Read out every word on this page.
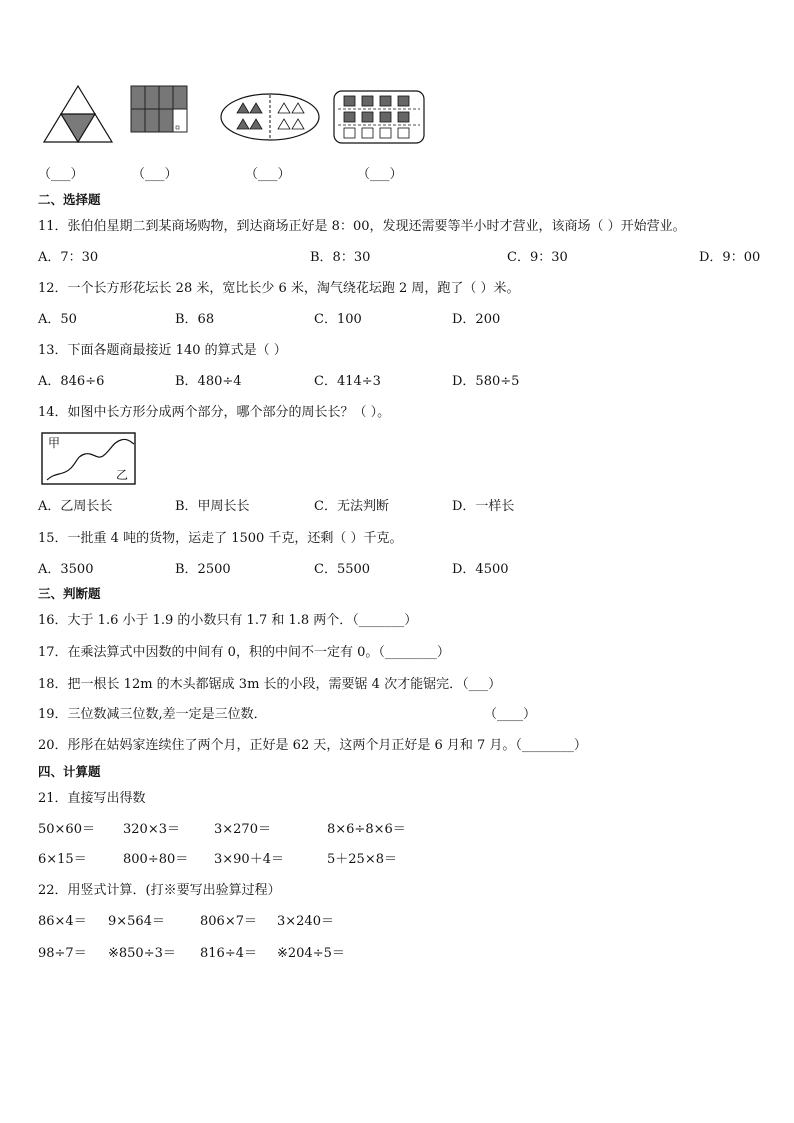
（___）	（___）	（___）	（___）
二、选择题
11．张伯伯星期二到某商场购物，到达商场正好是 8：00，发现还需要等半小时才营业，该商场（ ）开始营业。
A．7：30	B．8：30	C．9：30	D．9：00
12．一个长方形花坛长 28 米，宽比长少 6 米，淘气绕花坛跑 2 周，跑了（ ）米。
A．50	B．68	C．100	D．200
13．下面各题商最接近 140 的算式是（ ）
A．846÷6	B．480÷4	C．414÷3	D．580÷5
14．如图中长方形分成两个部分，哪个部分的周长长？（ ）。
甲
乙
A．乙周长长	B．甲周长长	C．无法判断	D．一样长
15．一批重 4 吨的货物，运走了 1500 千克，还剩（ ）千克。
A．3500	B．2500	C．5500	D．4500
三、判断题
16．大于 1.6 小于 1.9 的小数只有 1.7 和 1.8 两个．（_______）
17．在乘法算式中因数的中间有 0，积的中间不一定有 0。（________）
18．把一根长 12m 的木头都锯成 3m 长的小段，需要锯 4 次才能锯完．（___）
19．三位数减三位数,差一定是三位数．	（____）
20．彤彤在姑妈家连续住了两个月，正好是 62 天，这两个月正好是 6 月和 7 月。（________）
四、计算题
21．直接写出得数
50×60＝ 320×3＝	3×270＝	8×6÷8×6＝
6×15＝	800÷80＝ 3×90＋4＝	5＋25×8＝
22．用竖式计算．(打※要写出验算过程）
86×4＝ 9×564＝	806×7＝ 3×240＝
98÷7＝ ※850÷3＝ 816÷4＝ ※204÷5＝
